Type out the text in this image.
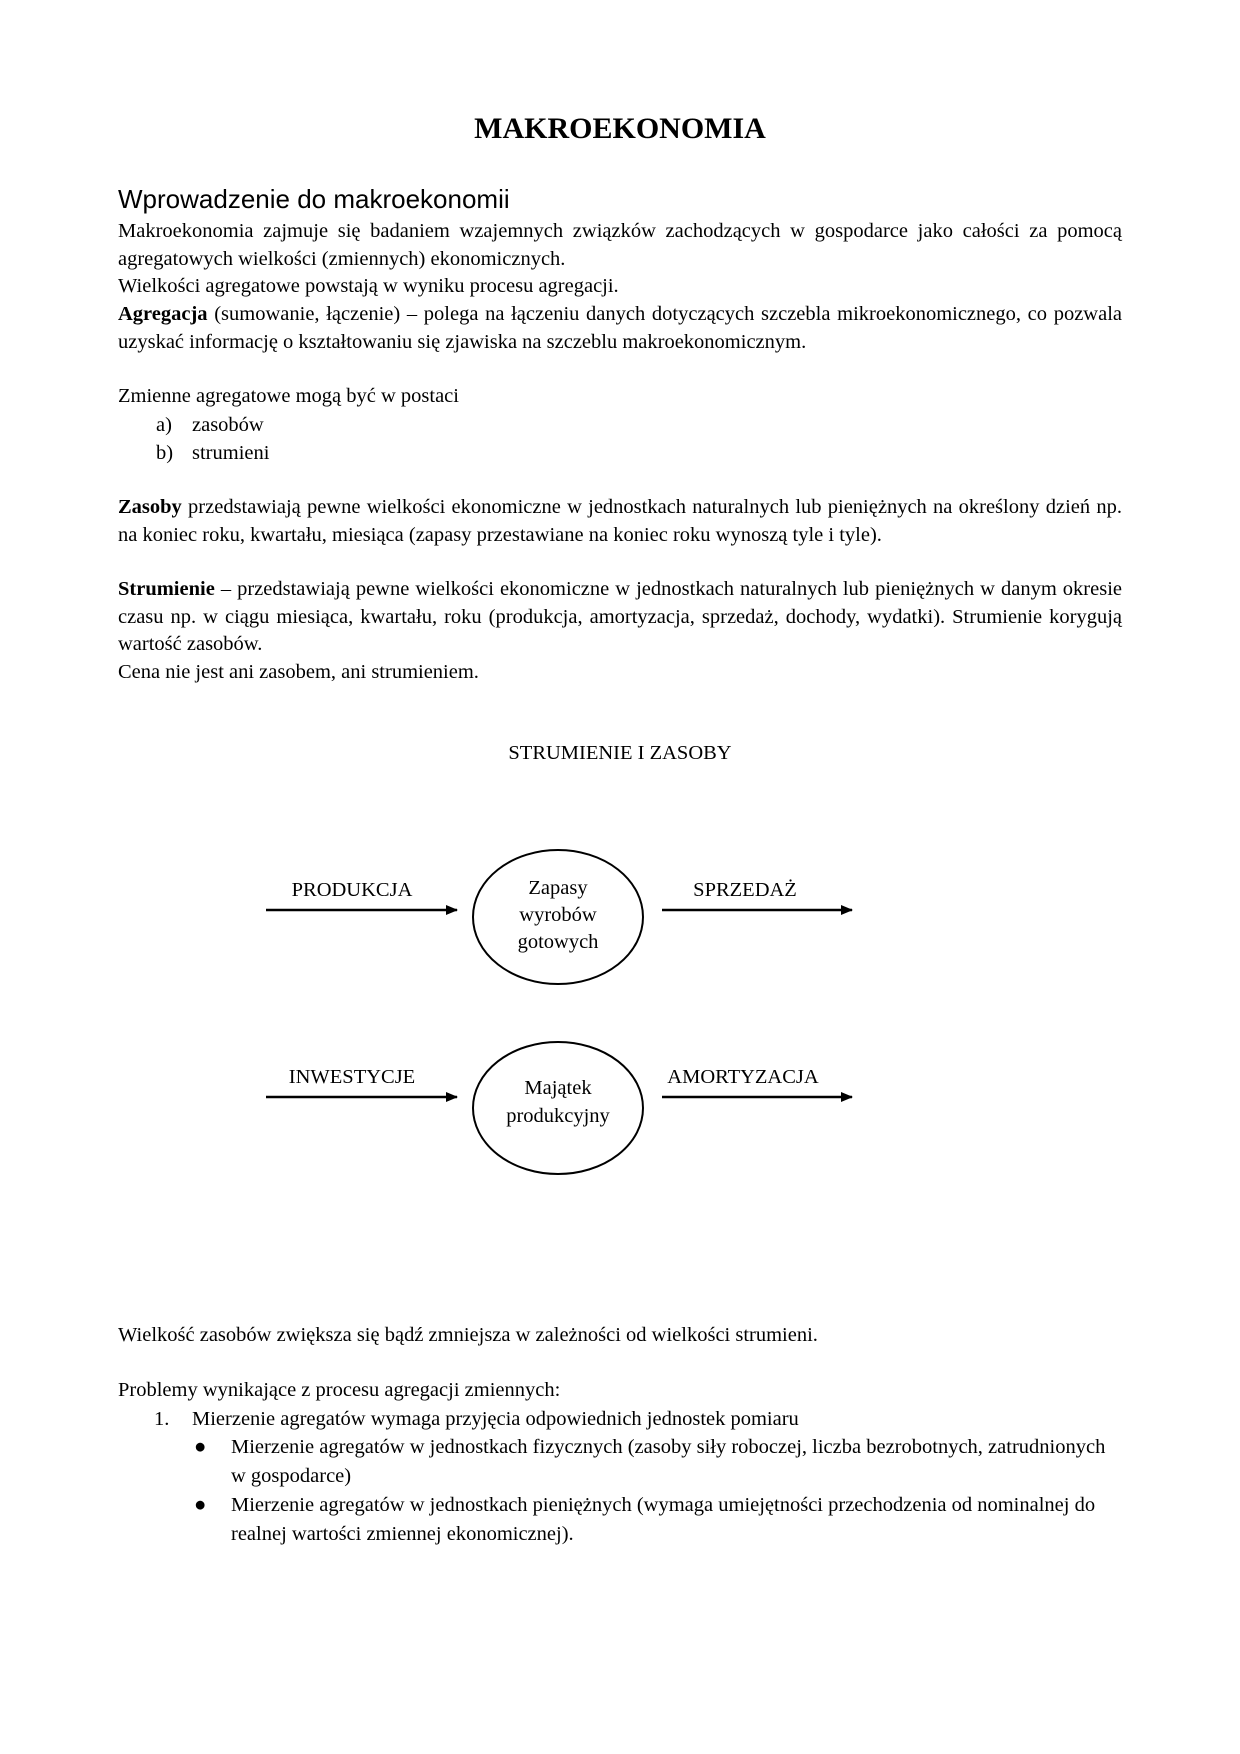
MAKROEKONOMIA
Wprowadzenie do makroekonomii

Makroekonomia zajmuje się badaniem wzajemnych związków zachodzących w gospodarce jako całości za pomocą agregatowych wielkości (zmiennych) ekonomicznych.

Wielkości agregatowe powstają w wyniku procesu agregacji.

Agregacja (sumowanie, łączenie) – polega na łączeniu danych dotyczących szczebla mikroekonomicznego, co pozwala uzyskać informację o kształtowaniu się zjawiska na szczeblu makroekonomicznym.

Zmienne agregatowe mogą być w postaci

a) zasobów
b) strumieni

Zasoby przedstawiają pewne wielkości ekonomiczne w jednostkach naturalnych lub pieniężnych na określony dzień np. na koniec roku, kwartału, miesiąca (zapasy przestawiane na koniec roku wynoszą tyle i tyle).

Strumienie – przedstawiają pewne wielkości ekonomiczne w jednostkach naturalnych lub pieniężnych w danym okresie czasu np. w ciągu miesiąca, kwartału, roku (produkcja, amortyzacja, sprzedaż, dochody, wydatki). Strumienie korygują wartość zasobów.

Cena nie jest ani zasobem, ani strumieniem.

STRUMIENIE I ZASOBY
PRODUKCJA	Zapasy
wyrobów
gotowych
SPRZEDAŻ
INWESTYCJE	Majątek
produkcyjny
AMORTYZACJA

Wielkość zasobów zwiększa się bądź zmniejsza w zależności od wielkości strumieni.

Problemy wynikające z procesu agregacji zmiennych:

1. Mierzenie agregatów wymaga przyjęcia odpowiednich jednostek pomiaru
● Mierzenie agregatów w jednostkach fizycznych (zasoby siły roboczej, liczba bezrobotnych, zatrudnionych w gospodarce)
● Mierzenie agregatów w jednostkach pieniężnych (wymaga umiejętności przechodzenia od nominalnej do realnej wartości zmiennej ekonomicznej).
